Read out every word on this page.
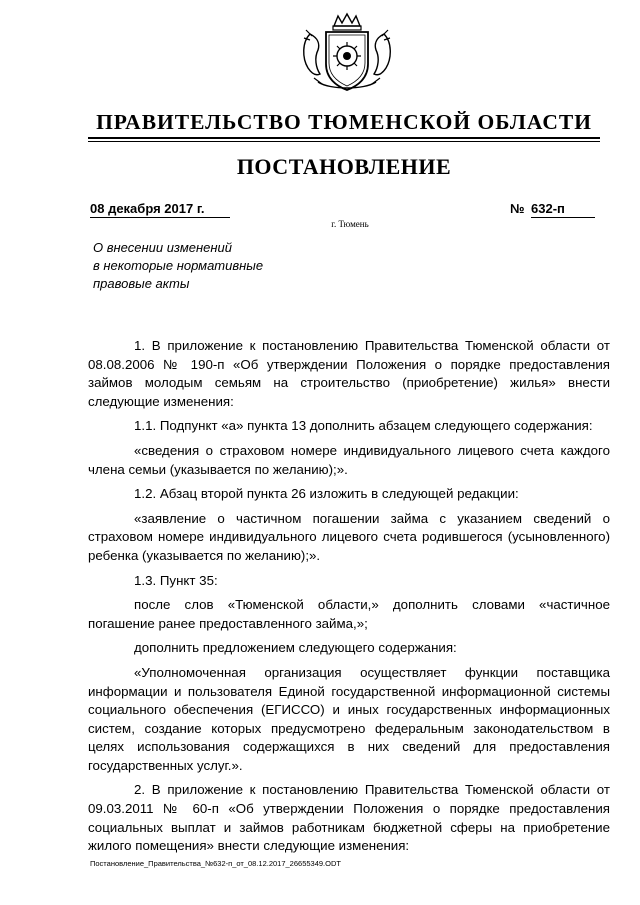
ПРАВИТЕЛЬСТВО ТЮМЕНСКОЙ ОБЛАСТИ
ПОСТАНОВЛЕНИЕ
08 декабря 2017 г.	№ 632-п
г. Тюмень
О внесении изменений
в некоторые нормативные
правовые акты

1. В приложение к постановлению Правительства Тюменской области от 08.08.2006 № 190-п «Об утверждении Положения о порядке предоставления займов молодым семьям на строительство (приобретение) жилья» внести следующие изменения:

1.1. Подпункт «а» пункта 13 дополнить абзацем следующего содержания:

«сведения о страховом номере индивидуального лицевого счета каждого члена семьи (указывается по желанию);».

1.2. Абзац второй пункта 26 изложить в следующей редакции:

«заявление о частичном погашении займа с указанием сведений о страховом номере индивидуального лицевого счета родившегося (усыновленного) ребенка (указывается по желанию);».

1.3. Пункт 35:

после слов «Тюменской области,» дополнить словами «частичное погашение ранее предоставленного займа,»;

дополнить предложением следующего содержания:

«Уполномоченная организация осуществляет функции поставщика информации и пользователя Единой государственной информационной системы социального обеспечения (ЕГИССО) и иных государственных информационных систем, создание которых предусмотрено федеральным законодательством в целях использования содержащихся в них сведений для предоставления государственных услуг.».

2. В приложение к постановлению Правительства Тюменской области от 09.03.2011 № 60-п «Об утверждении Положения о порядке предоставления социальных выплат и займов работникам бюджетной сферы на приобретение жилого помещения» внести следующие изменения:

Постановление_Правительства_№632-п_от_08.12.2017_26655349.ODT
